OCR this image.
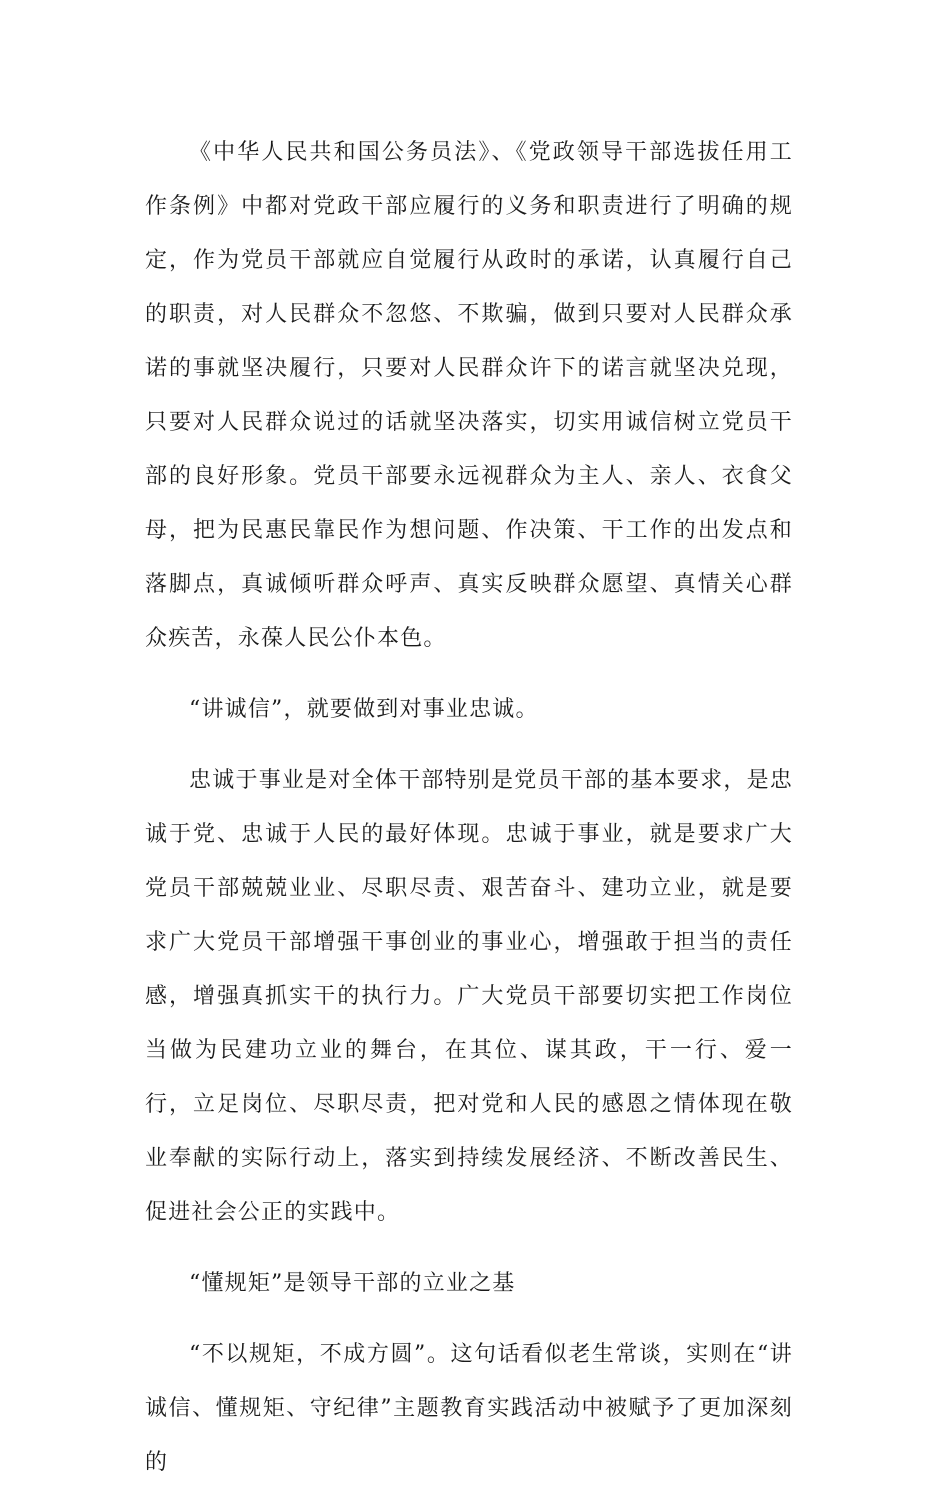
《中华人民共和国公务员法》、《党政领导干部选拔任用工作条例》中都对党政干部应履行的义务和职责进行了明确的规定，作为党员干部就应自觉履行从政时的承诺，认真履行自己的职责，对人民群众不忽悠、不欺骗，做到只要对人民群众承诺的事就坚决履行，只要对人民群众许下的诺言就坚决兑现，只要对人民群众说过的话就坚决落实，切实用诚信树立党员干部的良好形象。党员干部要永远视群众为主人、亲人、衣食父母，把为民惠民靠民作为想问题、作决策、干工作的出发点和落脚点，真诚倾听群众呼声、真实反映群众愿望、真情关心群众疾苦，永葆人民公仆本色。

“讲诚信”，就要做到对事业忠诚。

忠诚于事业是对全体干部特别是党员干部的基本要求，是忠诚于党、忠诚于人民的最好体现。忠诚于事业，就是要求广大党员干部兢兢业业、尽职尽责、艰苦奋斗、建功立业，就是要求广大党员干部增强干事创业的事业心，增强敢于担当的责任感，增强真抓实干的执行力。广大党员干部要切实把工作岗位当做为民建功立业的舞台，在其位、谋其政，干一行、爱一行，立足岗位、尽职尽责，把对党和人民的感恩之情体现在敬业奉献的实际行动上，落实到持续发展经济、不断改善民生、促进社会公正的实践中。

“懂规矩”是领导干部的立业之基

“不以规矩，不成方圆”。这句话看似老生常谈，实则在“讲诚信、懂规矩、守纪律”主题教育实践活动中被赋予了更加深刻的
